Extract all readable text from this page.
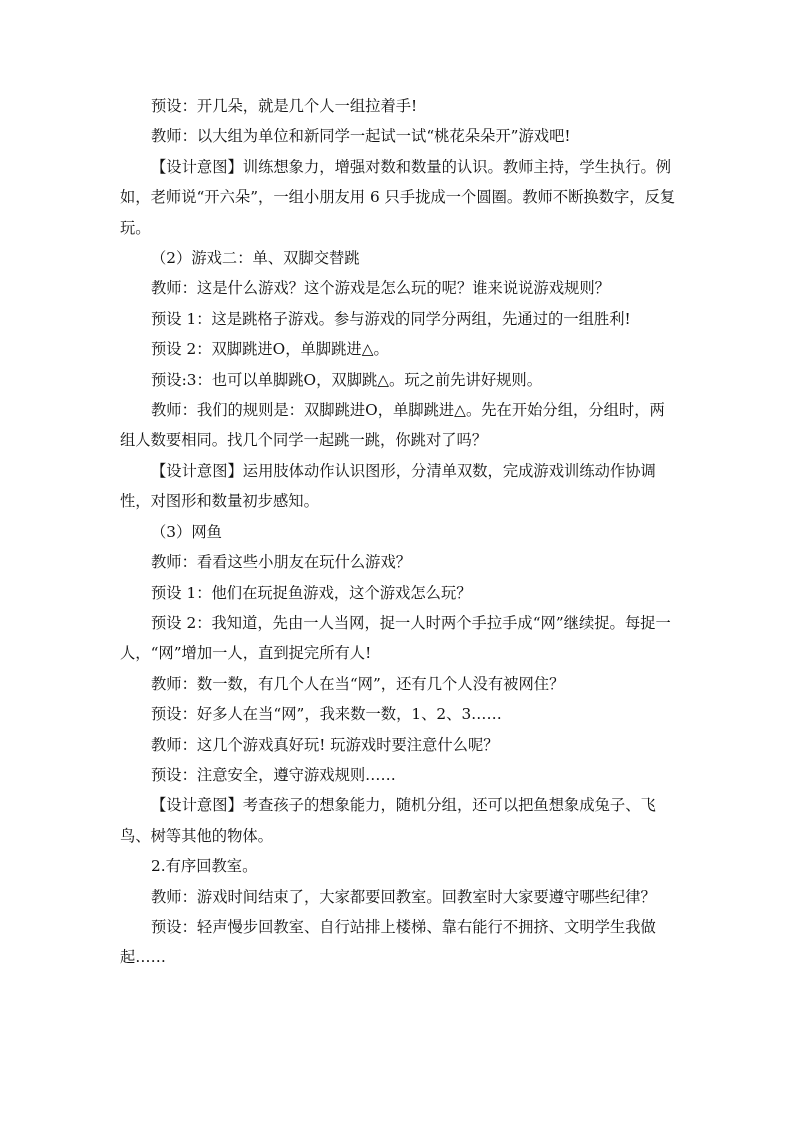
预设：开几朵，就是几个人一组拉着手!

教师：以大组为单位和新同学一起试一试“桃花朵朵开”游戏吧!

【设计意图】训练想象力，增强对数和数量的认识。教师主持，学生执行。例如，老师说“开六朵”，一组小朋友用 6 只手拢成一个圆圈。教师不断换数字，反复玩。

（2）游戏二：单、双脚交替跳

教师：这是什么游戏？这个游戏是怎么玩的呢？谁来说说游戏规则？

预设 1：这是跳格子游戏。参与游戏的同学分两组，先通过的一组胜利!

预设 2：双脚跳进O，单脚跳进△。

预设:3：也可以单脚跳O，双脚跳△。玩之前先讲好规则。

教师：我们的规则是：双脚跳进O，单脚跳进△。先在开始分组，分组时，两组人数要相同。找几个同学一起跳一跳，你跳对了吗？

【设计意图】运用肢体动作认识图形，分清单双数，完成游戏训练动作协调性，对图形和数量初步感知。

（3）网鱼

教师：看看这些小朋友在玩什么游戏？

预设 1：他们在玩捉鱼游戏，这个游戏怎么玩？

预设 2：我知道，先由一人当网，捉一人时两个手拉手成“网”继续捉。每捉一人，“网”增加一人，直到捉完所有人!

教师：数一数，有几个人在当“网”，还有几个人没有被网住？

预设：好多人在当“网”，我来数一数，1、2、3……

教师：这几个游戏真好玩! 玩游戏时要注意什么呢？

预设：注意安全，遵守游戏规则……

【设计意图】考查孩子的想象能力，随机分组，还可以把鱼想象成兔子、飞鸟、树等其他的物体。

2.有序回教室。

教师：游戏时间结束了，大家都要回教室。回教室时大家要遵守哪些纪律？

预设：轻声慢步回教室、自行站排上楼梯、靠右能行不拥挤、文明学生我做起……
